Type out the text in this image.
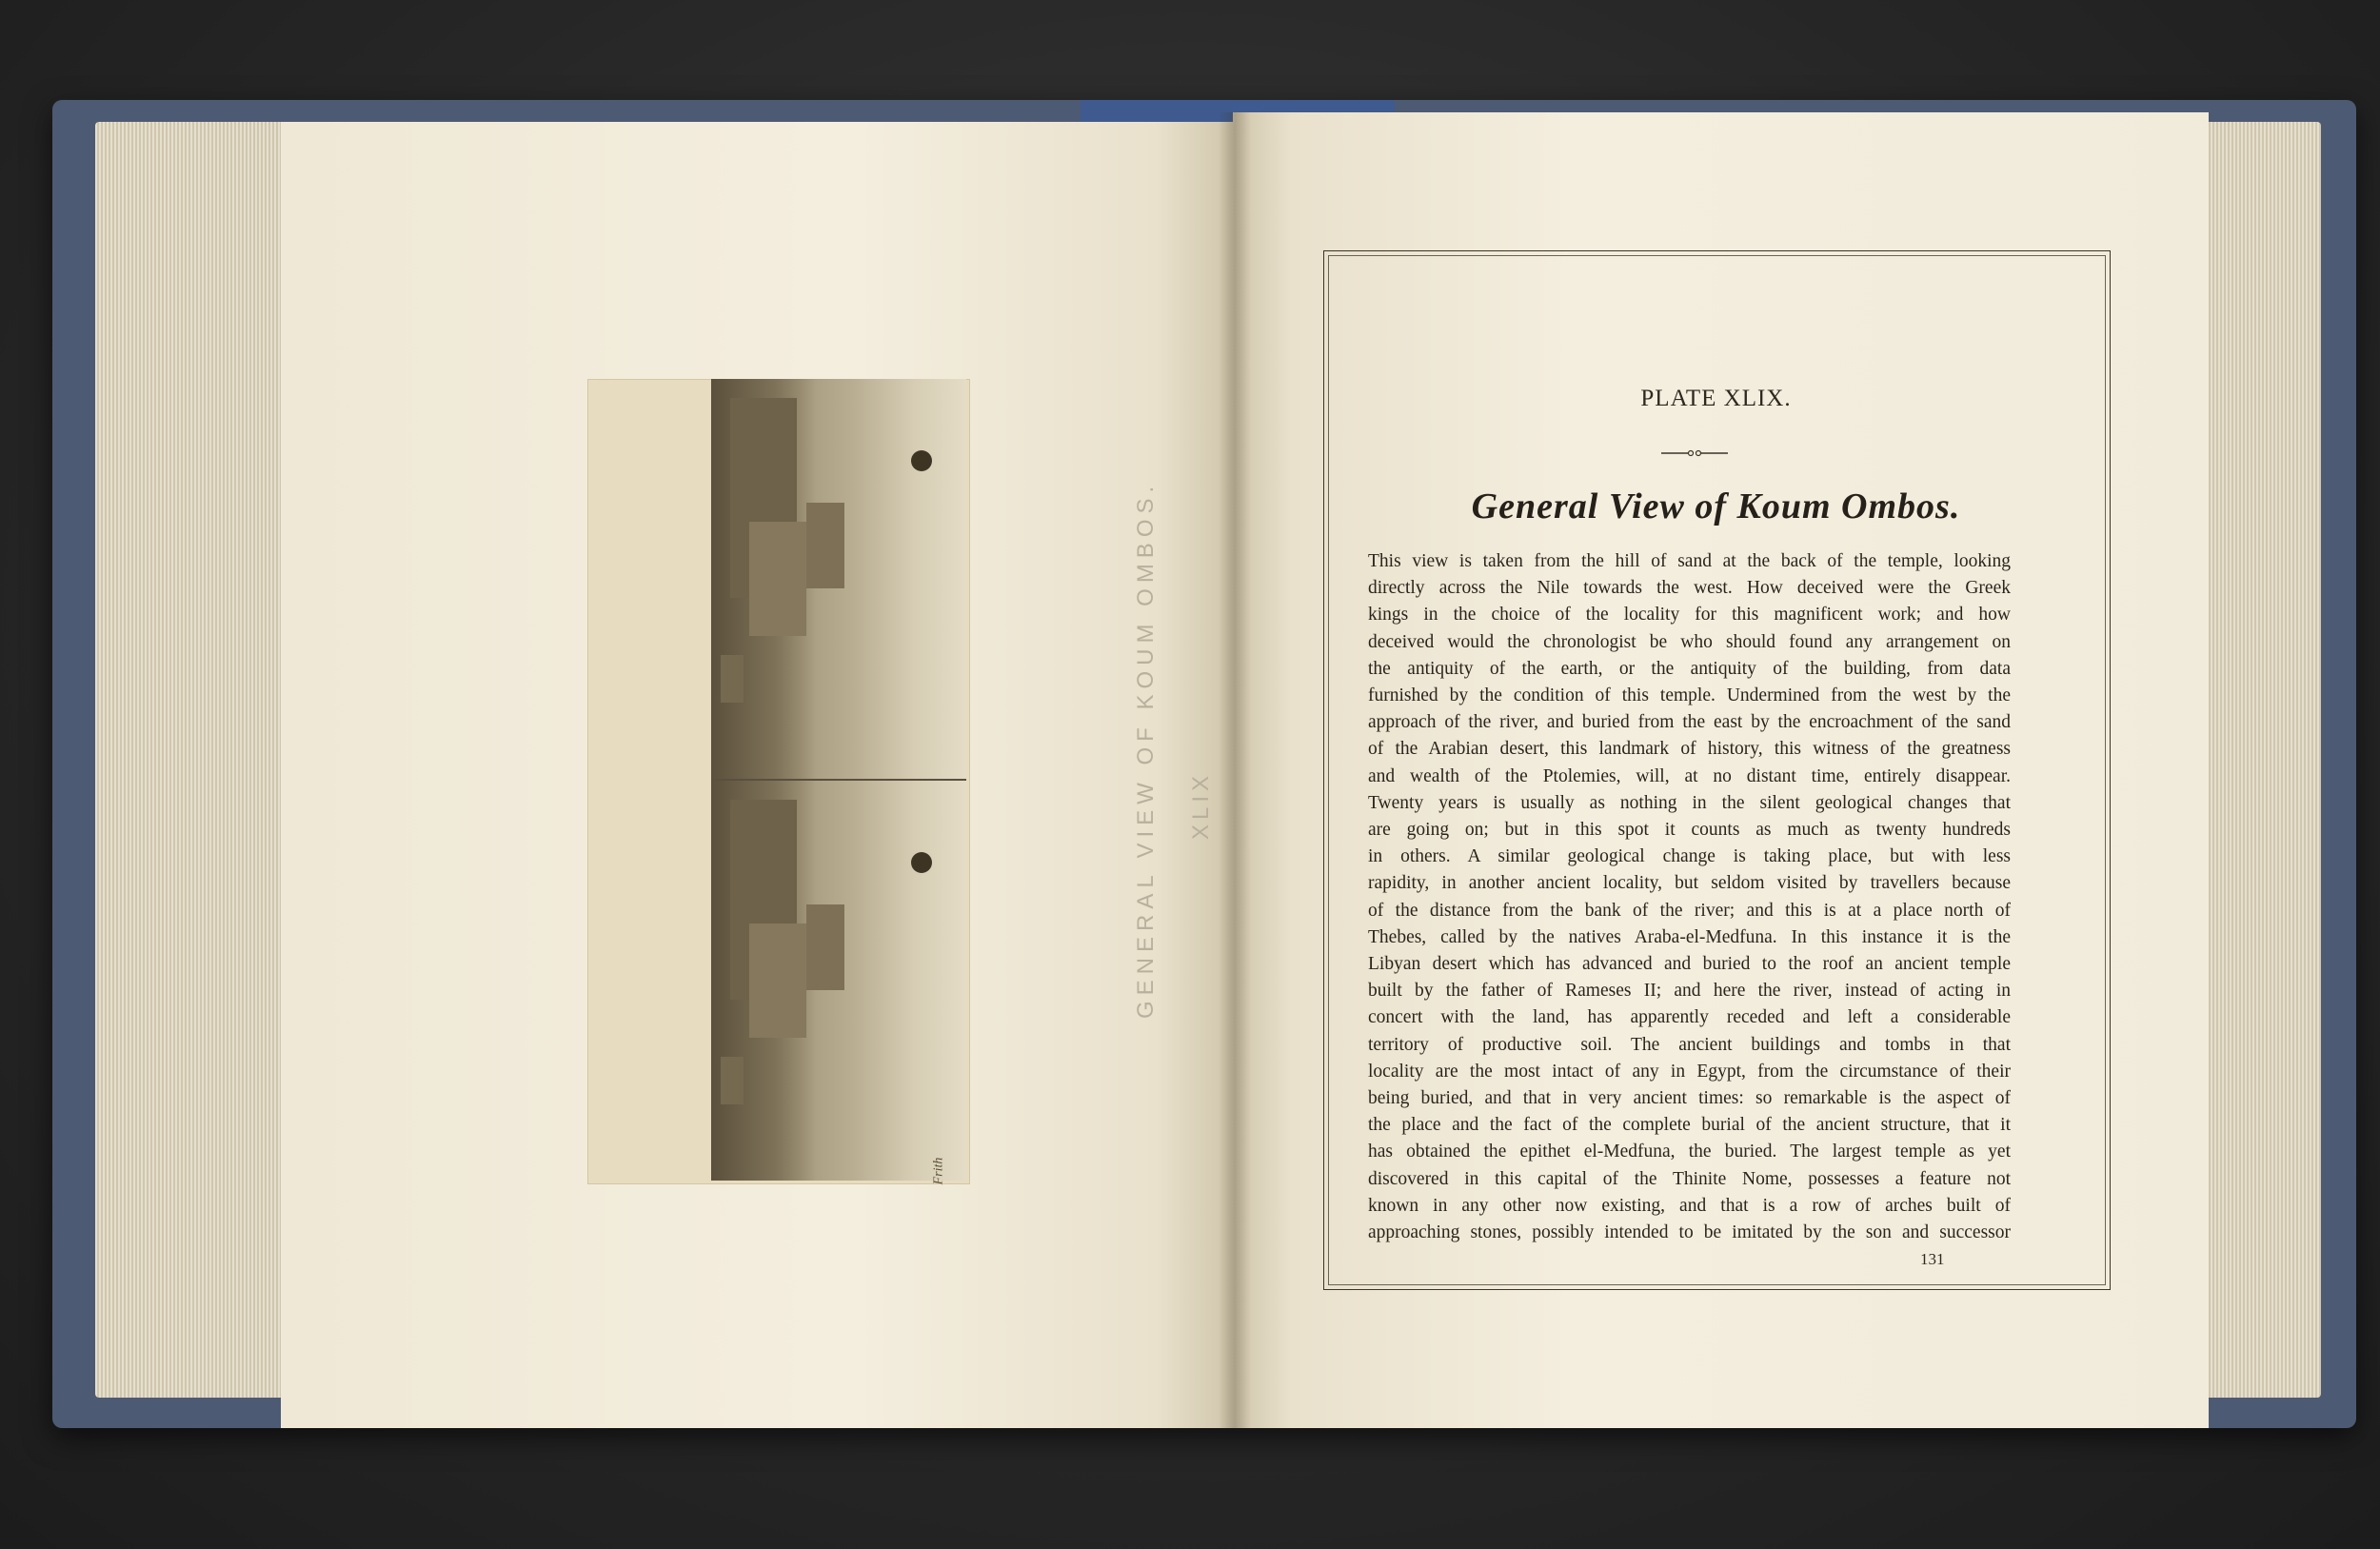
Frith
GENERAL VIEW OF KOUM OMBOS. XLIX
PLATE XLIX.
General View of Koum Ombos.
This view is taken from the hill of sand at the back of the temple, looking
directly across the Nile towards the west. How deceived were the Greek
kings in the choice of the locality for this magnificent work; and how
deceived would the chronologist be who should found any arrangement on
the antiquity of the earth, or the antiquity of the building, from data
furnished by the condition of this temple. Undermined from the west by the
approach of the river, and buried from the east by the encroachment of the sand
of the Arabian desert, this landmark of history, this witness of the greatness
and wealth of the Ptolemies, will, at no distant time, entirely disappear.
Twenty years is usually as nothing in the silent geological changes that
are going on; but in this spot it counts as much as twenty hundreds
in others. A similar geological change is taking place, but with less
rapidity, in another ancient locality, but seldom visited by travellers because
of the distance from the bank of the river; and this is at a place north of
Thebes, called by the natives Araba-el-Medfuna. In this instance it is the
Libyan desert which has advanced and buried to the roof an ancient temple
built by the father of Rameses II; and here the river, instead of acting in
concert with the land, has apparently receded and left a considerable
territory of productive soil. The ancient buildings and tombs in that
locality are the most intact of any in Egypt, from the circumstance of their
being buried, and that in very ancient times: so remarkable is the aspect of
the place and the fact of the complete burial of the ancient structure, that it
has obtained the epithet el-Medfuna, the buried. The largest temple as yet
discovered in this capital of the Thinite Nome, possesses a feature not
known in any other now existing, and that is a row of arches built of
approaching stones, possibly intended to be imitated by the son and successor
131
